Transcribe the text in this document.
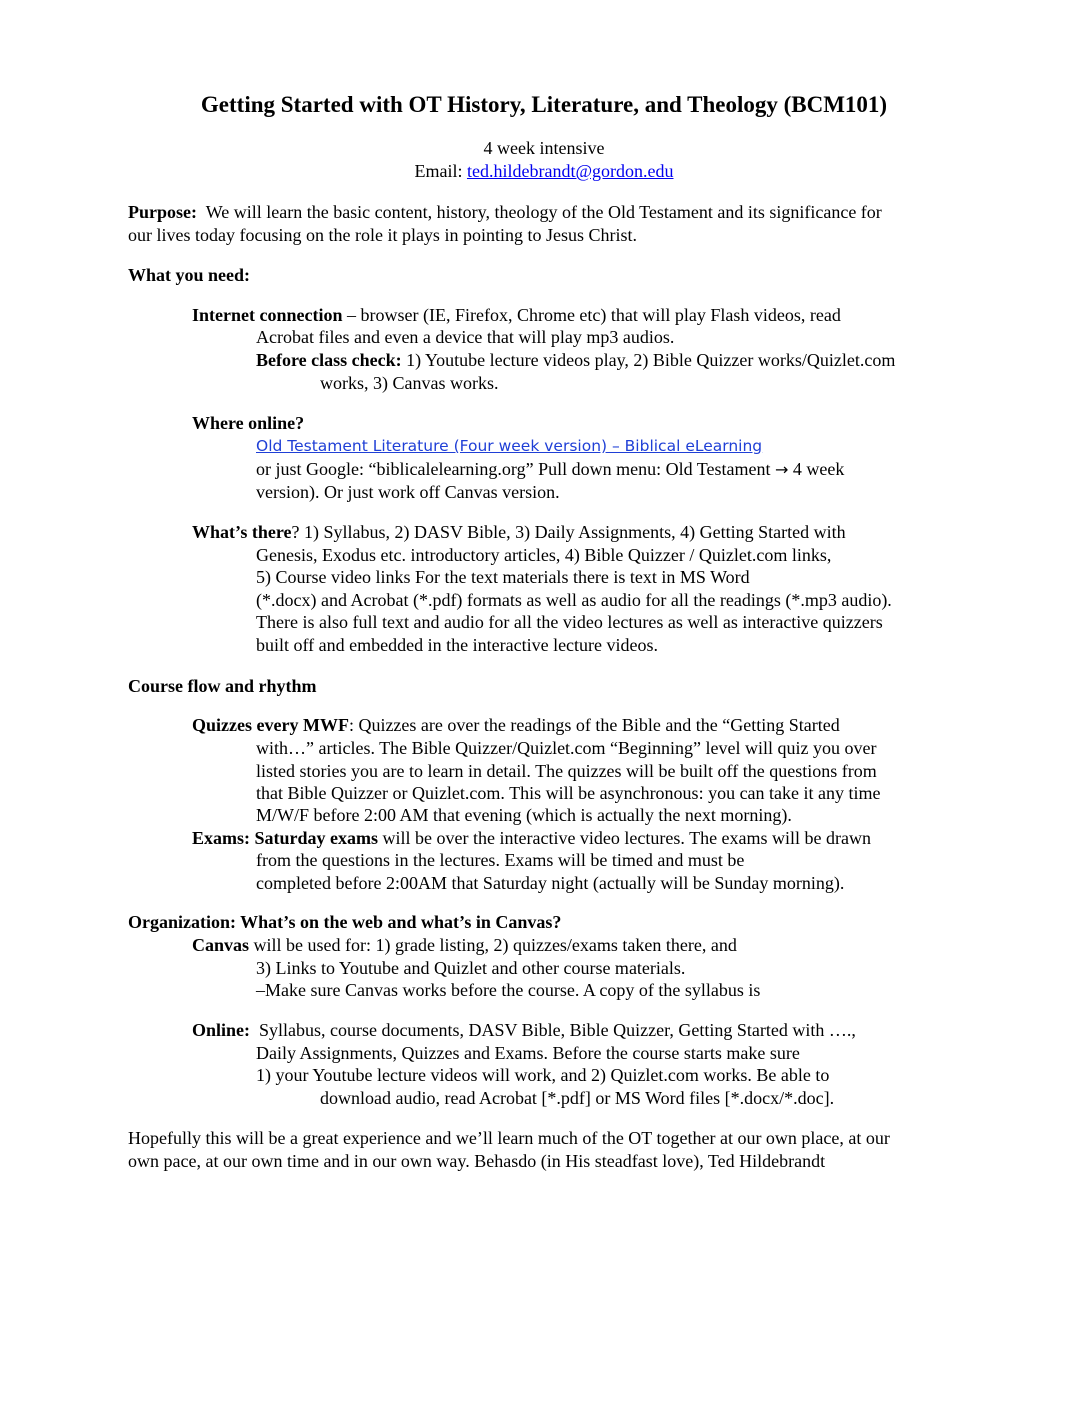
Getting Started with OT History, Literature, and Theology (BCM101)
4 week intensive
Email: ted.hildebrandt@gordon.edu
Purpose: We will learn the basic content, history, theology of the Old Testament and its significance for
our lives today focusing on the role it plays in pointing to Jesus Christ.
What you need:
Internet connection – browser (IE, Firefox, Chrome etc) that will play Flash videos, read
Acrobat files and even a device that will play mp3 audios.
Before class check: 1) Youtube lecture videos play, 2) Bible Quizzer works/Quizlet.com
works, 3) Canvas works.
Where online?
Old Testament Literature (Four week version) – Biblical eLearning
or just Google: “biblicalelearning.org” Pull down menu: Old Testament → 4 week
version). Or just work off Canvas version.
What’s there? 1) Syllabus, 2) DASV Bible, 3) Daily Assignments, 4) Getting Started with
Genesis, Exodus etc. introductory articles, 4) Bible Quizzer / Quizlet.com links,
5) Course video links For the text materials there is text in MS Word
(*.docx) and Acrobat (*.pdf) formats as well as audio for all the readings (*.mp3 audio).
There is also full text and audio for all the video lectures as well as interactive quizzers
built off and embedded in the interactive lecture videos.
Course flow and rhythm
Quizzes every MWF: Quizzes are over the readings of the Bible and the “Getting Started
with…” articles. The Bible Quizzer/Quizlet.com “Beginning” level will quiz you over
listed stories you are to learn in detail. The quizzes will be built off the questions from
that Bible Quizzer or Quizlet.com. This will be asynchronous: you can take it any time
M/W/F before 2:00 AM that evening (which is actually the next morning).
Exams: Saturday exams will be over the interactive video lectures. The exams will be drawn
from the questions in the lectures. Exams will be timed and must be
completed before 2:00AM that Saturday night (actually will be Sunday morning).
Organization: What’s on the web and what’s in Canvas?
Canvas will be used for: 1) grade listing, 2) quizzes/exams taken there, and
3) Links to Youtube and Quizlet and other course materials.
–Make sure Canvas works before the course. A copy of the syllabus is
Online: Syllabus, course documents, DASV Bible, Bible Quizzer, Getting Started with ….,
Daily Assignments, Quizzes and Exams. Before the course starts make sure
1) your Youtube lecture videos will work, and 2) Quizlet.com works. Be able to
download audio, read Acrobat [*.pdf] or MS Word files [*.docx/*.doc].
Hopefully this will be a great experience and we’ll learn much of the OT together at our own place, at our
own pace, at our own time and in our own way. Behasdo (in His steadfast love), Ted Hildebrandt
